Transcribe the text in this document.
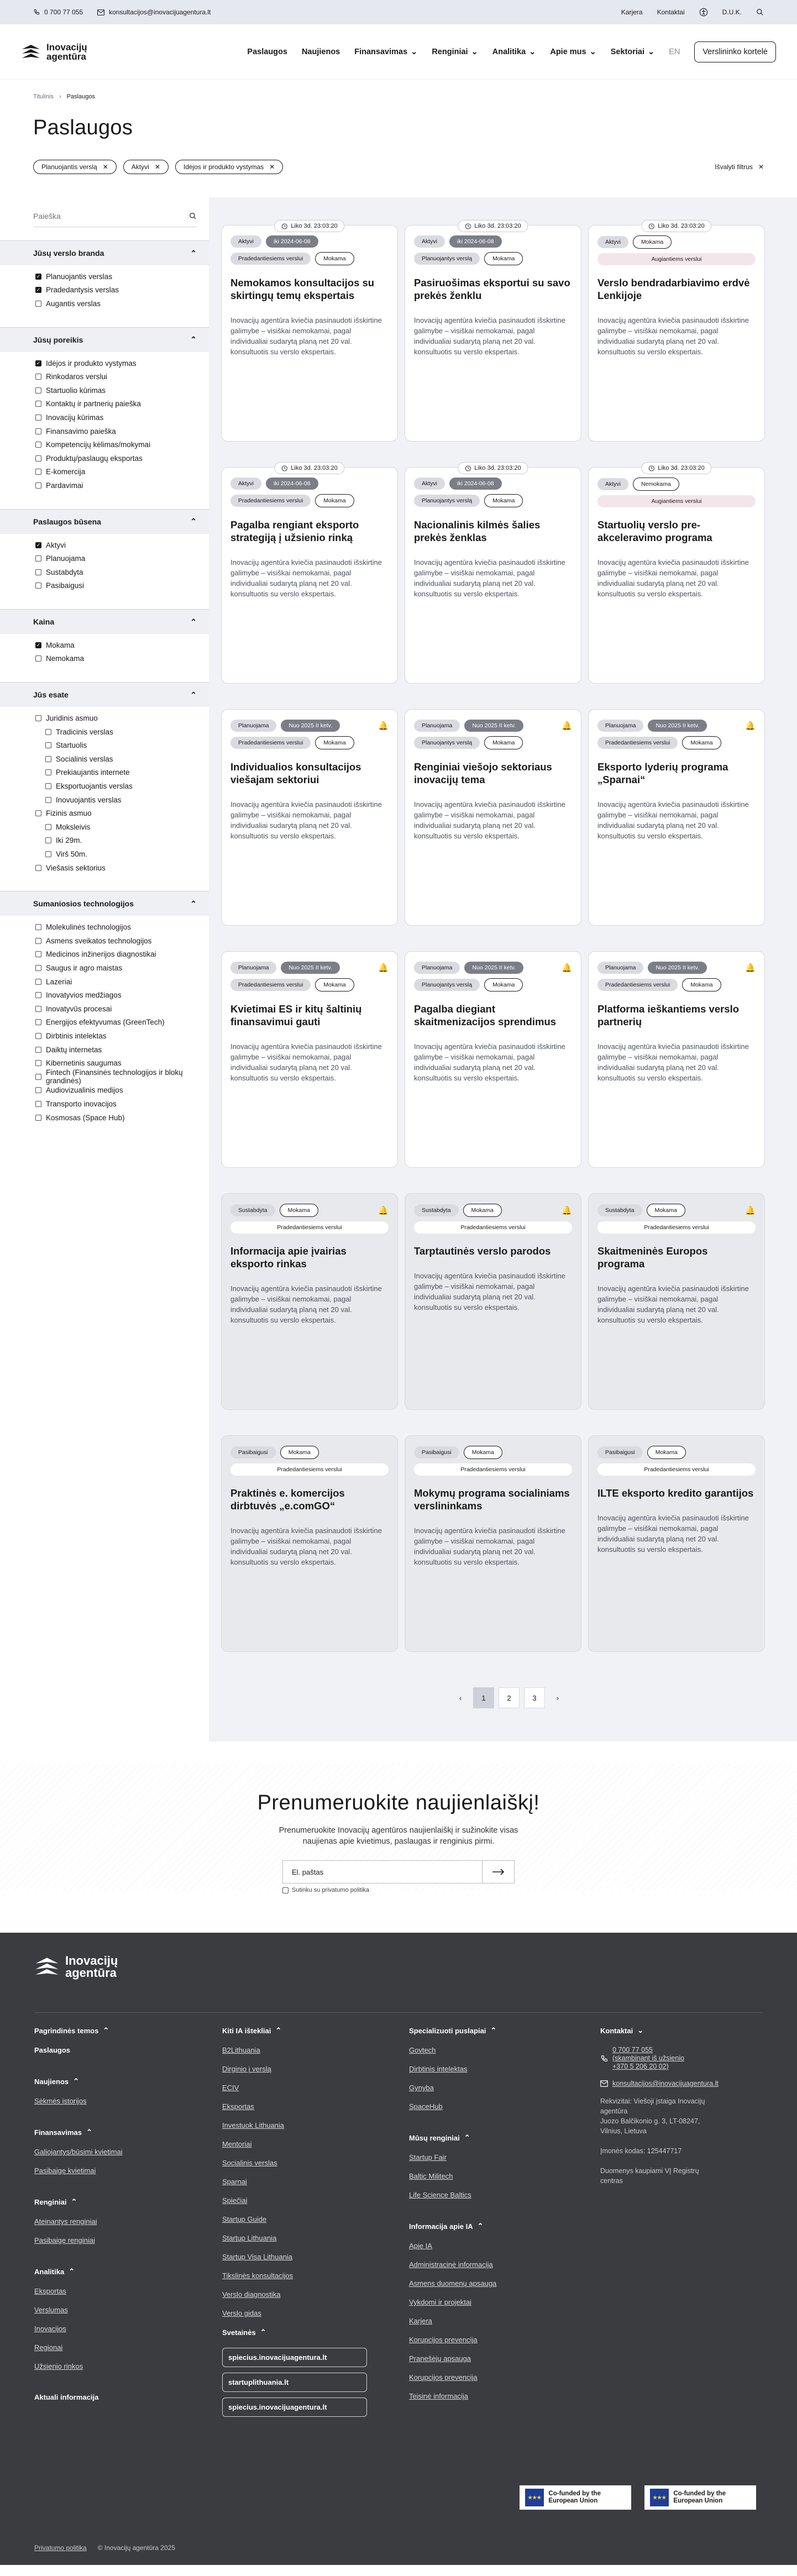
0 700 77 055	konsultacijos@inovacijuagentura.lt	Karjera Kontaktai	D.U.K.
Inovacijų
agentūra	Paslaugos Naujienos Finansavimas ⌄ Renginiai ⌄ Analitika ⌄ Apie mus ⌄ Sektoriai ⌄ EN	Verslininko kortelė
Titulinis › Paslaugos
Paslaugos
Planuojantis verslą ✕	Aktyvi ✕	Idėjos ir produkto vystymas ✕	Išvalyti filtrus ✕
Paieška
Jūsų verslo branda	⌃
✓ Planuojantis verslas
✓ Pradedantysis verslas
Augantis verslas
Jūsų poreikis	⌃
✓ Idėjos ir produkto vystymas
Rinkodaros verslui
Startuolio kūrimas
Kontaktų ir partnerių paieška
Inovacijų kūrimas
Finansavimo paieška
Kompetencijų kėlimas/mokymai
Produktų/paslaugų eksportas
E-komercija
Pardavimai
Paslaugos būsena	⌃
✓ Aktyvi
Planuojama
Sustabdyta
Pasibaigusi
Kaina	⌃
✓ Mokama
Nemokama
Jūs esate	⌃
Juridinis asmuo
Tradicinis verslas
Startuolis
Socialinis verslas
Prekiaujantis internete
Eksportuojantis verslas
Inovuojantis verslas
Fizinis asmuo
Moksleivis
Iki 29m.
Virš 50m.
Viešasis sektorius
Sumaniosios technologijos	⌃
Molekulinės technologijos
Asmens sveikatos technologijos
Medicinos inžinerijos diagnostikai
Saugus ir agro maistas
Lazeriai
Inovatyvios medžiagos
Inovatyvūs procesai
Energijos efektyvumas (GreenTech)
Dirbtinis intelektas
Daiktų internetas
Kibernetinis saugumas
Fintech (Finansinės technologijos ir blokų grandinės)
Audiovizualinis medijos
Transporto inovacijos
Kosmosas (Space Hub)
Liko 3d. 23:03:20
Aktyvi	iki 2024-06-08
Pradedantiesiems verslui	Mokama
Nemokamos konsultacijos su skirtingų temų ekspertais

Inovacijų agentūra kviečia pasinaudoti išskirtine galimybe – visiškai nemokamai, pagal individualiai sudarytą planą net 20 val. konsultuotis su verslo ekspertais.

Liko 3d. 23:03:20
Aktyvi	iki 2024-06-08
Planuojantys verslą	Mokama
Pasiruošimas eksportui su savo prekės ženklu

Inovacijų agentūra kviečia pasinaudoti išskirtine galimybe – visiškai nemokamai, pagal individualiai sudarytą planą net 20 val. konsultuotis su verslo ekspertais.

Liko 3d. 23:03:20
Aktyvi	Mokama
Augiantiems verslui
Verslo bendradarbiavimo erdvė Lenkijoje

Inovacijų agentūra kviečia pasinaudoti išskirtine galimybe – visiškai nemokamai, pagal individualiai sudarytą planą net 20 val. konsultuotis su verslo ekspertais.

Liko 3d. 23:03:20
Aktyvi	iki 2024-06-08
Pradedantiesiems verslui	Mokama
Pagalba rengiant eksporto strategiją į užsienio rinką

Inovacijų agentūra kviečia pasinaudoti išskirtine galimybe – visiškai nemokamai, pagal individualiai sudarytą planą net 20 val. konsultuotis su verslo ekspertais.

Liko 3d. 23:03:20
Aktyvi	iki 2024-06-08
Planuojantys verslą	Mokama
Nacionalinis kilmės šalies prekės ženklas

Inovacijų agentūra kviečia pasinaudoti išskirtine galimybe – visiškai nemokamai, pagal individualiai sudarytą planą net 20 val. konsultuotis su verslo ekspertais.

Liko 3d. 23:03:20
Aktyvi	Nemokama
Augiantiems verslui
Startuolių verslo pre-akceleravimo programa

Inovacijų agentūra kviečia pasinaudoti išskirtine galimybe – visiškai nemokamai, pagal individualiai sudarytą planą net 20 val. konsultuotis su verslo ekspertais.

Planuojama	Nuo 2025 II ketv.	🔔
Pradedantiesiems verslui	Mokama
Individualios konsultacijos viešajam sektoriui

Inovacijų agentūra kviečia pasinaudoti išskirtine galimybe – visiškai nemokamai, pagal individualiai sudarytą planą net 20 val. konsultuotis su verslo ekspertais.

Planuojama	Nuo 2025 II ketv.	🔔
Planuojantys verslą	Mokama
Renginiai viešojo sektoriaus inovacijų tema

Inovacijų agentūra kviečia pasinaudoti išskirtine galimybe – visiškai nemokamai, pagal individualiai sudarytą planą net 20 val. konsultuotis su verslo ekspertais.

Planuojama	Nuo 2025 II ketv.	🔔
Pradedantiesiems verslui	Mokama
Eksporto lyderių programa „Sparnai“

Inovacijų agentūra kviečia pasinaudoti išskirtine galimybe – visiškai nemokamai, pagal individualiai sudarytą planą net 20 val. konsultuotis su verslo ekspertais.

Planuojama	Nuo 2025 II ketv.	🔔
Pradedantiesiems verslui	Mokama
Kvietimai ES ir kitų šaltinių finansavimui gauti

Inovacijų agentūra kviečia pasinaudoti išskirtine galimybe – visiškai nemokamai, pagal individualiai sudarytą planą net 20 val. konsultuotis su verslo ekspertais.

Planuojama	Nuo 2025 II ketv.	🔔
Planuojantys verslą	Mokama
Pagalba diegiant skaitmenizacijos sprendimus

Inovacijų agentūra kviečia pasinaudoti išskirtine galimybe – visiškai nemokamai, pagal individualiai sudarytą planą net 20 val. konsultuotis su verslo ekspertais.

Planuojama	Nuo 2025 II ketv.	🔔
Pradedantiesiems verslui	Mokama
Platforma ieškantiems verslo partnerių

Inovacijų agentūra kviečia pasinaudoti išskirtine galimybe – visiškai nemokamai, pagal individualiai sudarytą planą net 20 val. konsultuotis su verslo ekspertais.

Sustabdyta	Mokama	🔔
Pradedantiesiems verslui
Informacija apie įvairias eksporto rinkas

Inovacijų agentūra kviečia pasinaudoti išskirtine galimybe – visiškai nemokamai, pagal individualiai sudarytą planą net 20 val. konsultuotis su verslo ekspertais.

Sustabdyta	Mokama	🔔
Pradedantiesiems verslui
Tarptautinės verslo parodos

Inovacijų agentūra kviečia pasinaudoti išskirtine galimybe – visiškai nemokamai, pagal individualiai sudarytą planą net 20 val. konsultuotis su verslo ekspertais.

Sustabdyta	Mokama	🔔
Pradedantiesiems verslui
Skaitmeninės Europos programa

Inovacijų agentūra kviečia pasinaudoti išskirtine galimybe – visiškai nemokamai, pagal individualiai sudarytą planą net 20 val. konsultuotis su verslo ekspertais.

Pasibaigusi	Mokama
Pradedantiesiems verslui
Praktinės e. komercijos dirbtuvės „e.comGO“

Inovacijų agentūra kviečia pasinaudoti išskirtine galimybe – visiškai nemokamai, pagal individualiai sudarytą planą net 20 val. konsultuotis su verslo ekspertais.

Pasibaigusi	Mokama
Pradedantiesiems verslui
Mokymų programa socialiniams verslininkams

Inovacijų agentūra kviečia pasinaudoti išskirtine galimybe – visiškai nemokamai, pagal individualiai sudarytą planą net 20 val. konsultuotis su verslo ekspertais.

Pasibaigusi	Mokama
Pradedantiesiems verslui
ILTE eksporto kredito garantijos

Inovacijų agentūra kviečia pasinaudoti išskirtine galimybe – visiškai nemokamai, pagal individualiai sudarytą planą net 20 val. konsultuotis su verslo ekspertais.

‹	1	2	3	›
Prenumeruokite naujienlaiškį!
Prenumeruokite Inovacijų agentūros naujienlaiškį ir sužinokite visas
naujienas apie kvietimus, paslaugas ir renginius pirmi.
El. paštas
Sutinku su privatumo politika
Inovacijų
agentūra
Pagrindinės temos ⌃
Paslaugos
Naujienos ⌃
Sėkmės istorijos
Finansavimas ⌃
Galiojantys/būsimi kvietimai
Pasibaigę kvietimai
Renginiai ⌃
Ateinantys renginiai
Pasibaigę renginiai
Analitika ⌃
Eksportas
Verslumas
Inovacijos
Regionai
Užsienio rinkos
Aktuali informacija
Kiti IA ištekliai ⌃
B2Lithuania
Dirginio į verslą
ECIV
Eksportas
Investuok Lithuania
Mentoriai
Socialinis verslas
Sparnai
Spiečiai
Startup Guide
Startup Lithuania
Startup Visa Lithuania
Tikslinės konsultacijos
Verslo diagnostika
Verslo gidas
Svetainės ⌃
spiecius.inovacijuagentura.lt
startuplithuania.lt
spiecius.inovacijuagentura.lt
Specializuoti puslapiai ⌃
Govtech
Dirbtinis intelektas
Gynyba
SpaceHub
Mūsų renginiai ⌃
Startup Fair
Baltic Militech
Life Science Baltics
Informacija apie IA ⌃
Apie IA
Administracinė informacija
Asmens duomenų apsauga
Vykdomi ir projektai
Karjera
Korupcijos prevencija
Pranešėjų apsauga
Korupcijos prevencija
Teisinė informacija
Kontaktai ⌄
0 700 77 055
(skambinant iš užsienio
+370 5 206 20 02)
konsultacijos@inovacijuagentura.lt
Rekvizitai: Viešoji įstaiga Inovacijų
agentūra
Juozo Balčikonio g. 3, LT-08247,
Vilnius, Lietuva
Įmonės kodas: 125447717
Duomenys kaupiami VĮ Registrų
centras
★★★
Co-funded by the European Union
★★★
Co-funded by the European Union
Privatumo politika © Inovacijų agentūra 2025
